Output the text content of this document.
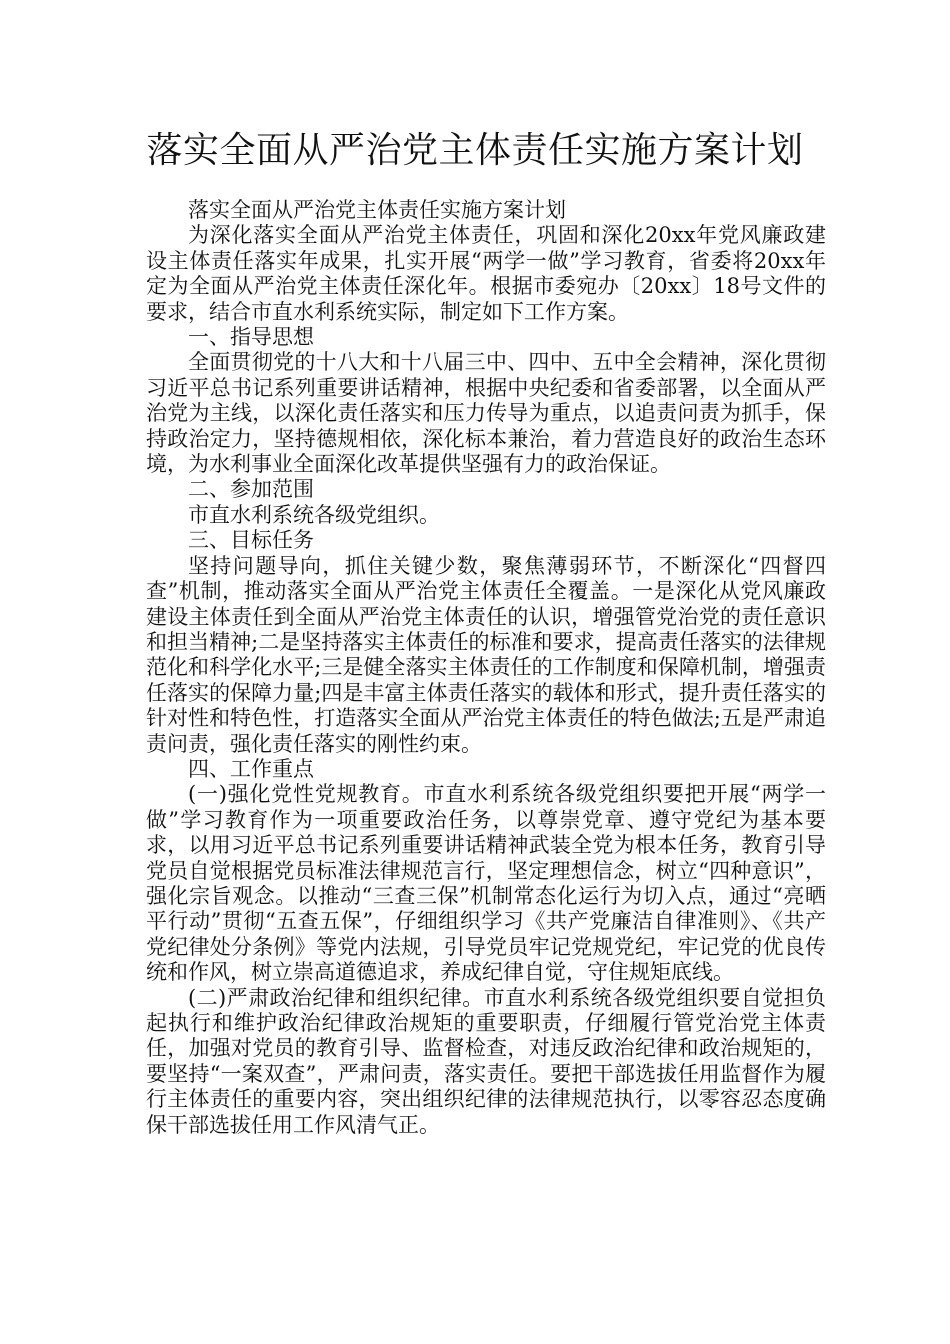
落实全面从严治党主体责任实施方案计划

落实全面从严治党主体责任实施方案计划

为深化落实全面从严治党主体责任，巩固和深化20xx年党风廉政建设主体责任落实年成果，扎实开展“两学一做”学习教育，省委将20xx年定为全面从严治党主体责任深化年。根据市委宛办〔20xx〕18号文件的要求，结合市直水利系统实际，制定如下工作方案。

一、指导思想

全面贯彻党的十八大和十八届三中、四中、五中全会精神，深化贯彻习近平总书记系列重要讲话精神，根据中央纪委和省委部署，以全面从严治党为主线，以深化责任落实和压力传导为重点，以追责问责为抓手，保持政治定力，坚持德规相依，深化标本兼治，着力营造良好的政治生态环境，为水利事业全面深化改革提供坚强有力的政治保证。

二、参加范围

市直水利系统各级党组织。

三、目标任务

坚持问题导向，抓住关键少数，聚焦薄弱环节，不断深化“四督四查”机制，推动落实全面从严治党主体责任全覆盖。一是深化从党风廉政建设主体责任到全面从严治党主体责任的认识，增强管党治党的责任意识和担当精神;二是坚持落实主体责任的标准和要求，提高责任落实的法律规范化和科学化水平;三是健全落实主体责任的工作制度和保障机制，增强责任落实的保障力量;四是丰富主体责任落实的载体和形式，提升责任落实的针对性和特色性，打造落实全面从严治党主体责任的特色做法;五是严肃追责问责，强化责任落实的刚性约束。

四、工作重点

(一)强化党性党规教育。市直水利系统各级党组织要把开展“两学一做”学习教育作为一项重要政治任务，以尊崇党章、遵守党纪为基本要求，以用习近平总书记系列重要讲话精神武装全党为根本任务，教育引导党员自觉根据党员标准法律规范言行，坚定理想信念，树立“四种意识”，强化宗旨观念。以推动“三查三保”机制常态化运行为切入点，通过“亮晒平行动”贯彻“五查五保”，仔细组织学习《共产党廉洁自律准则》、《共产党纪律处分条例》等党内法规，引导党员牢记党规党纪，牢记党的优良传统和作风，树立崇高道德追求，养成纪律自觉，守住规矩底线。

(二)严肃政治纪律和组织纪律。市直水利系统各级党组织要自觉担负起执行和维护政治纪律政治规矩的重要职责，仔细履行管党治党主体责任，加强对党员的教育引导、监督检查，对违反政治纪律和政治规矩的，要坚持“一案双查”，严肃问责，落实责任。要把干部选拔任用监督作为履行主体责任的重要内容，突出组织纪律的法律规范执行，以零容忍态度确保干部选拔任用工作风清气正。
